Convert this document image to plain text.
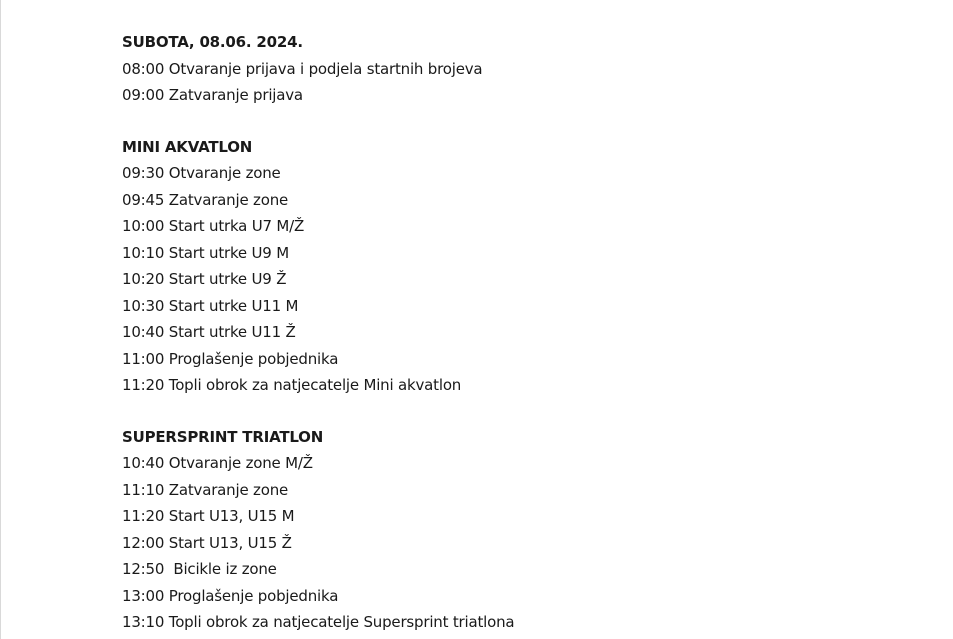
SUBOTA, 08.06. 2024.
08:00 Otvaranje prijava i podjela startnih brojeva
09:00 Zatvaranje prijava
MINI AKVATLON
09:30 Otvaranje zone
09:45 Zatvaranje zone
10:00 Start utrka U7 M/Ž
10:10 Start utrke U9 M
10:20 Start utrke U9 Ž
10:30 Start utrke U11 M
10:40 Start utrke U11 Ž
11:00 Proglašenje pobjednika
11:20 Topli obrok za natjecatelje Mini akvatlon
SUPERSPRINT TRIATLON
10:40 Otvaranje zone M/Ž
11:10 Zatvaranje zone
11:20 Start U13, U15 M
12:00 Start U13, U15 Ž
12:50  Bicikle iz zone
13:00 Proglašenje pobjednika
13:10 Topli obrok za natjecatelje Supersprint triatlona
